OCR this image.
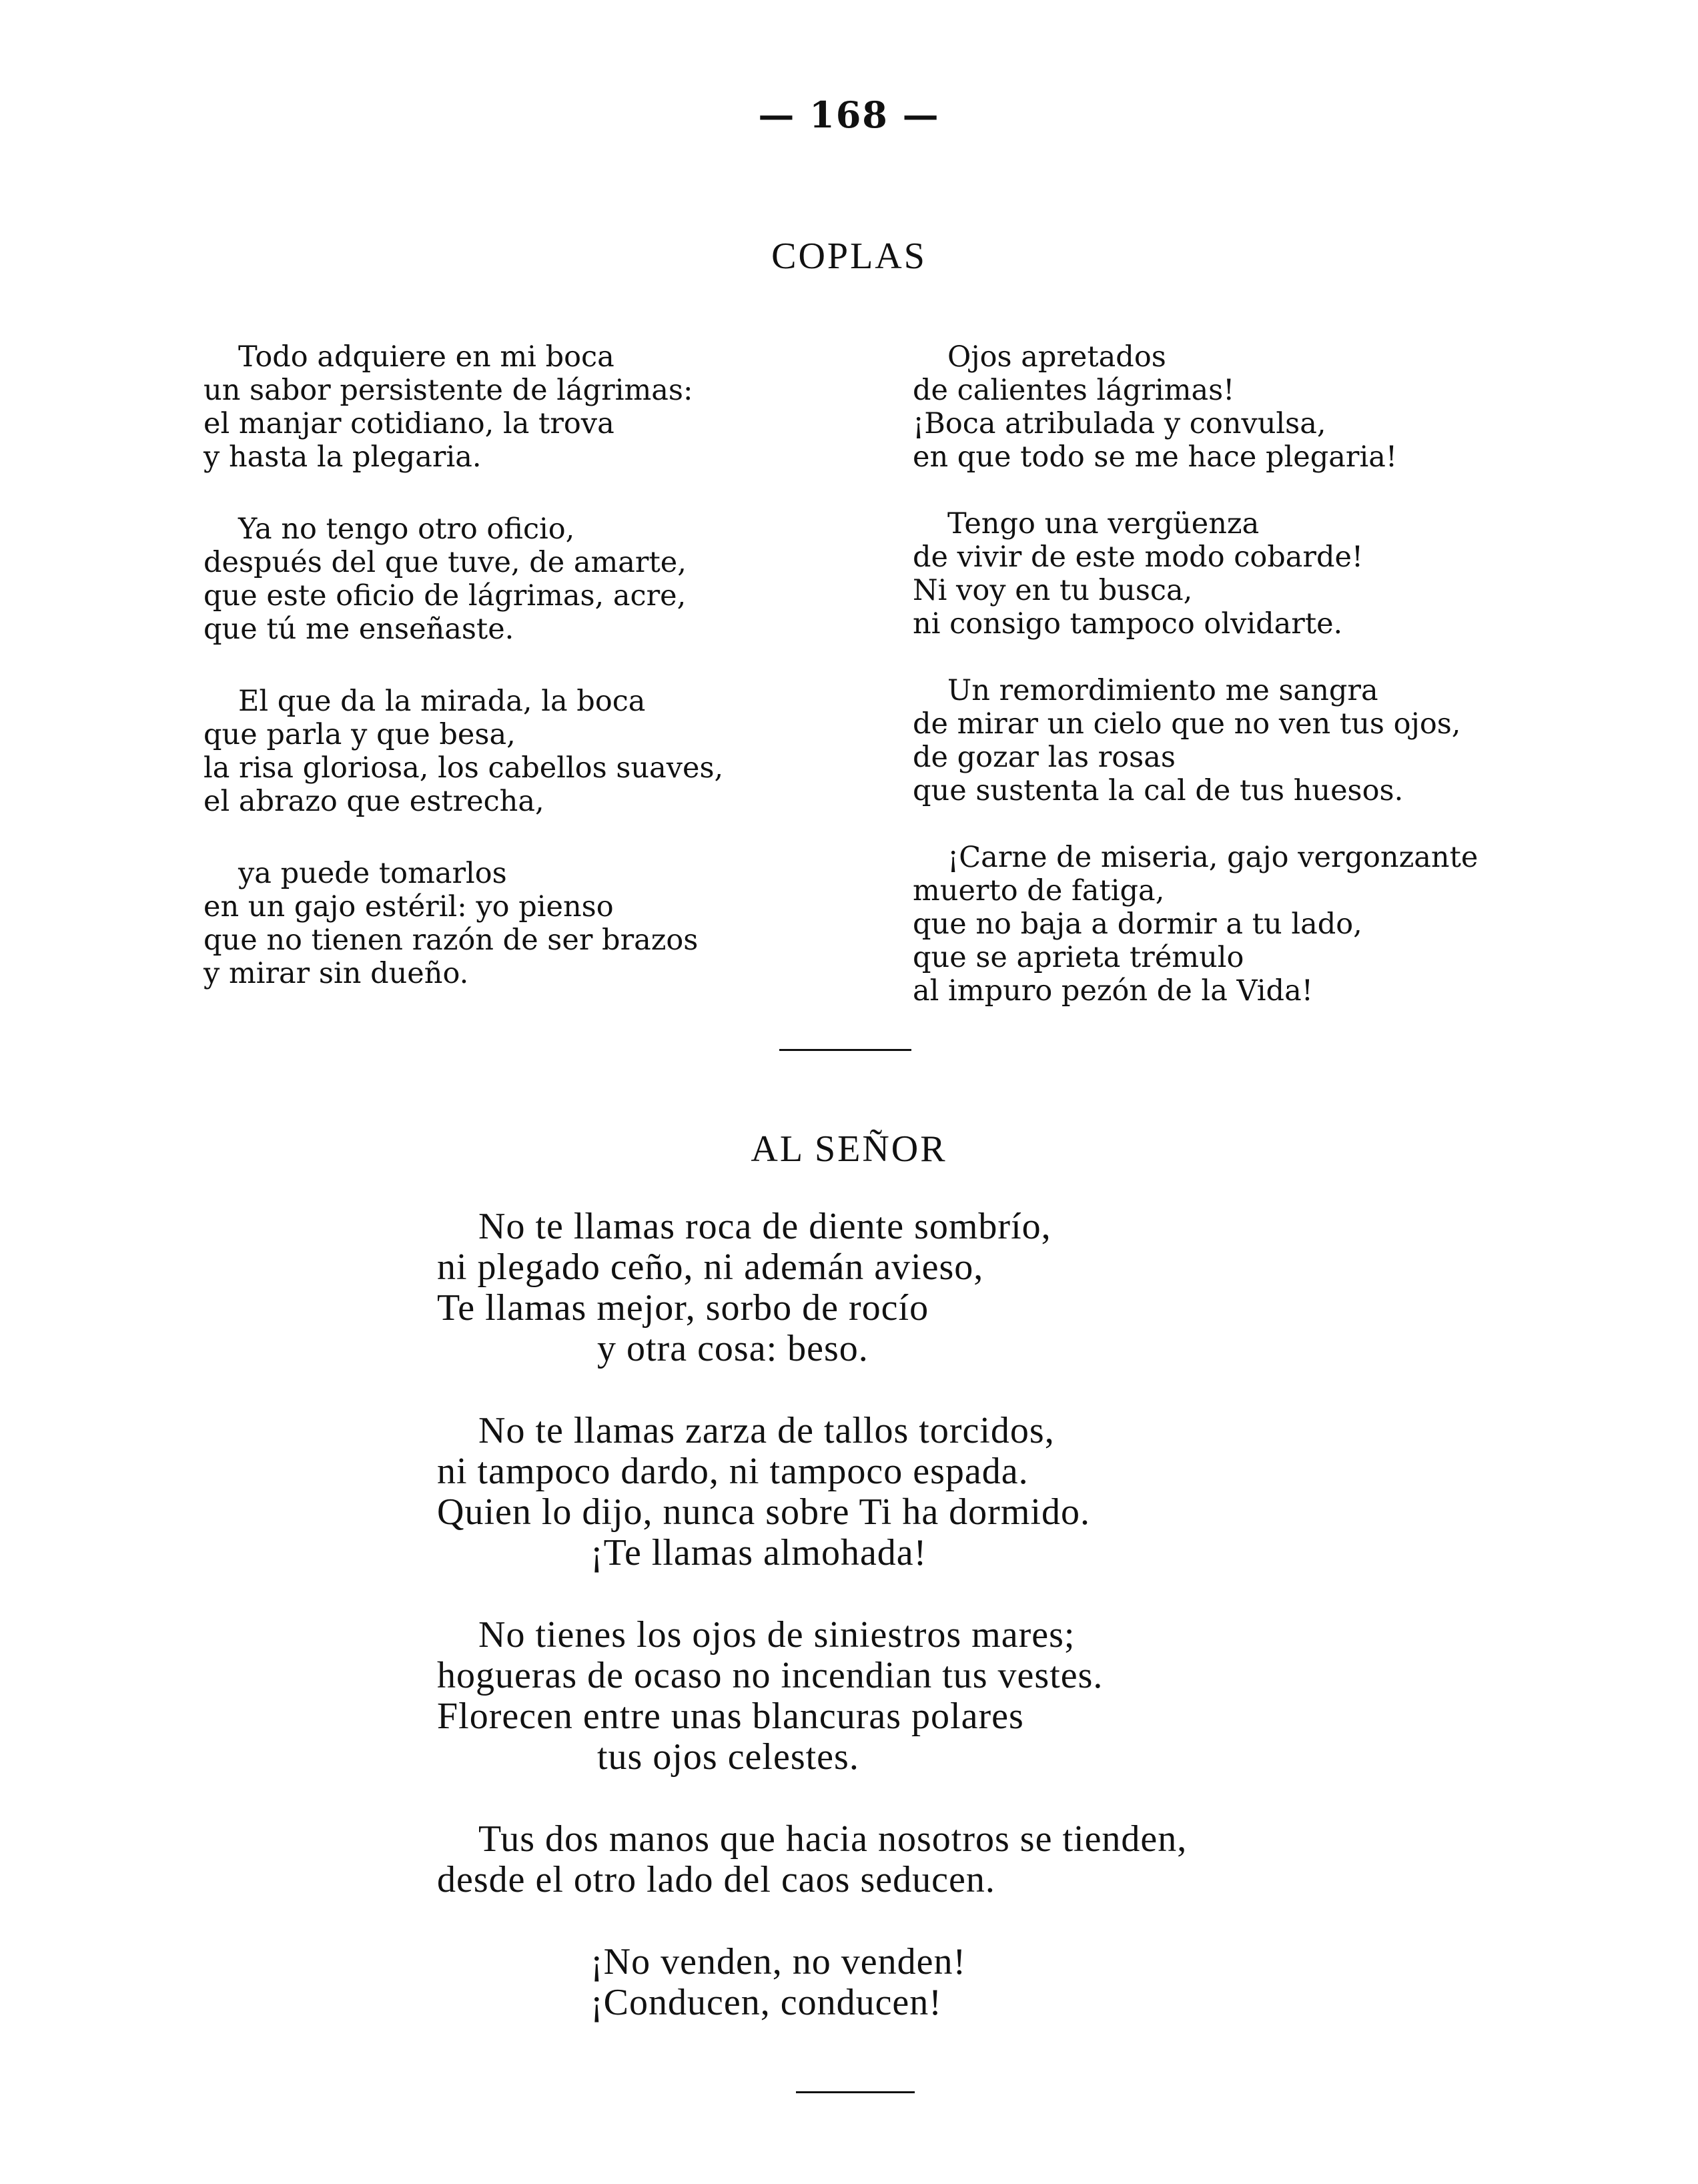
— 168 —
COPLAS
Todo adquiere en mi boca
un sabor persistente de lágrimas:
el manjar cotidiano, la trova
y hasta la plegaria.
Ya no tengo otro oficio,
después del que tuve, de amarte,
que este oficio de lágrimas, acre,
que tú me enseñaste.
El que da la mirada, la boca
que parla y que besa,
la risa gloriosa, los cabellos suaves,
el abrazo que estrecha,
ya puede tomarlos
en un gajo estéril: yo pienso
que no tienen razón de ser brazos
y mirar sin dueño.
Ojos apretados
de calientes lágrimas!
¡Boca atribulada y convulsa,
en que todo se me hace plegaria!
Tengo una vergüenza
de vivir de este modo cobarde!
Ni voy en tu busca,
ni consigo tampoco olvidarte.
Un remordimiento me sangra
de mirar un cielo que no ven tus ojos,
de gozar las rosas
que sustenta la cal de tus huesos.
¡Carne de miseria, gajo vergonzante
muerto de fatiga,
que no baja a dormir a tu lado,
que se aprieta trémulo
al impuro pezón de la Vida!
AL SEÑOR
No te llamas roca de diente sombrío,
ni plegado ceño, ni ademán avieso,
Te llamas mejor, sorbo de rocío
y otra cosa: beso.
No te llamas zarza de tallos torcidos,
ni tampoco dardo, ni tampoco espada.
Quien lo dijo, nunca sobre Ti ha dormido.
¡Te llamas almohada!
No tienes los ojos de siniestros mares;
hogueras de ocaso no incendian tus vestes.
Florecen entre unas blancuras polares
tus ojos celestes.
Tus dos manos que hacia nosotros se tienden,
desde el otro lado del caos seducen.
¡No venden, no venden!
¡Conducen, conducen!
